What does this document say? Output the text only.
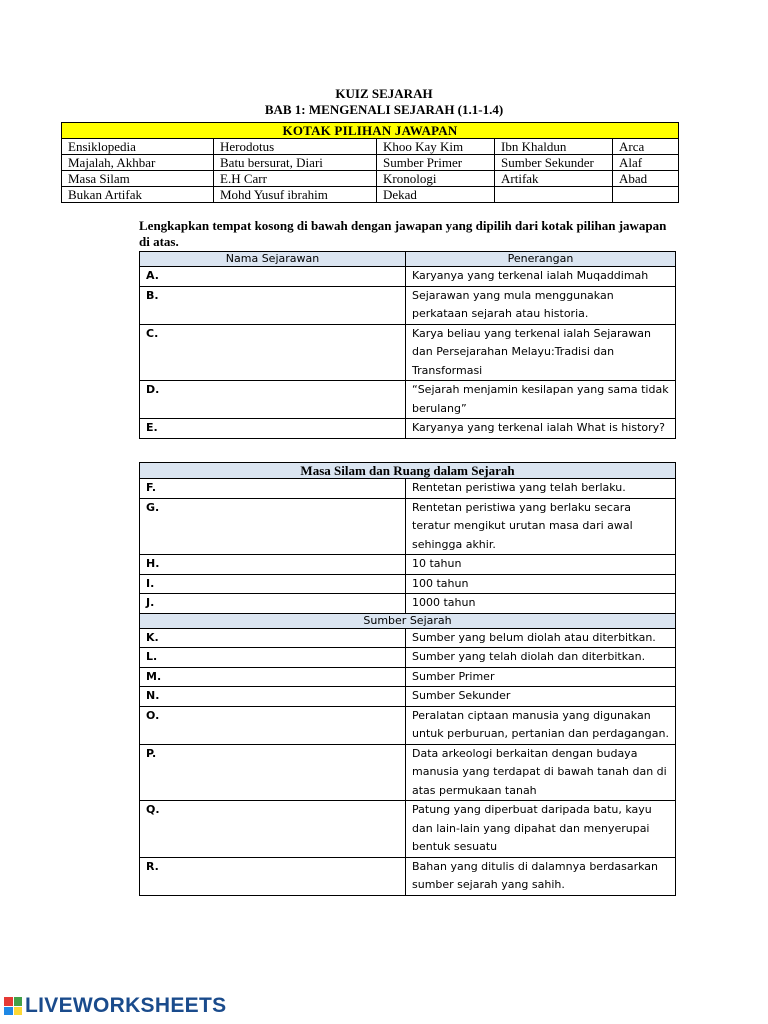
KUIZ SEJARAH
BAB 1: MENGENALI SEJARAH (1.1-1.4)
KOTAK PILIHAN JAWAPAN				
Ensiklopedia	Herodotus	Khoo Kay Kim	Ibn Khaldun	Arca
Majalah, Akhbar	Batu bersurat, Diari	Sumber Primer	Sumber Sekunder	Alaf
Masa Silam	E.H Carr	Kronologi	Artifak	Abad
Bukan Artifak	Mohd Yusuf ibrahim	Dekad		
Lengkapkan tempat kosong di bawah dengan jawapan yang dipilih dari kotak pilihan jawapan di atas.
Nama Sejarawan	Penerangan
A.	Karyanya yang terkenal ialah Muqaddimah
B.	Sejarawan yang mula menggunakan perkataan sejarah atau historia.
C.	Karya beliau yang terkenal ialah Sejarawan dan Persejarahan Melayu:Tradisi dan Transformasi
D.	“Sejarah menjamin kesilapan yang sama tidak berulang”
E.	Karyanya yang terkenal ialah What is history?
Masa Silam dan Ruang dalam Sejarah	
F.	Rentetan peristiwa yang telah berlaku.
G.	Rentetan peristiwa yang berlaku secara teratur mengikut urutan masa dari awal sehingga akhir.
H.	10 tahun
I.	100 tahun
J.	1000 tahun
Sumber Sejarah	
K.	Sumber yang belum diolah atau diterbitkan.
L.	Sumber yang telah diolah dan diterbitkan.
M.	Sumber Primer
N.	Sumber Sekunder
O.	Peralatan ciptaan manusia yang digunakan untuk perburuan, pertanian dan perdagangan.
P.	Data arkeologi berkaitan dengan budaya manusia yang terdapat di bawah tanah dan di atas permukaan tanah
Q.	Patung yang diperbuat daripada batu, kayu dan lain-lain yang dipahat dan menyerupai bentuk sesuatu
R.	Bahan yang ditulis di dalamnya berdasarkan sumber sejarah yang sahih.
LIVEWORKSHEETS
